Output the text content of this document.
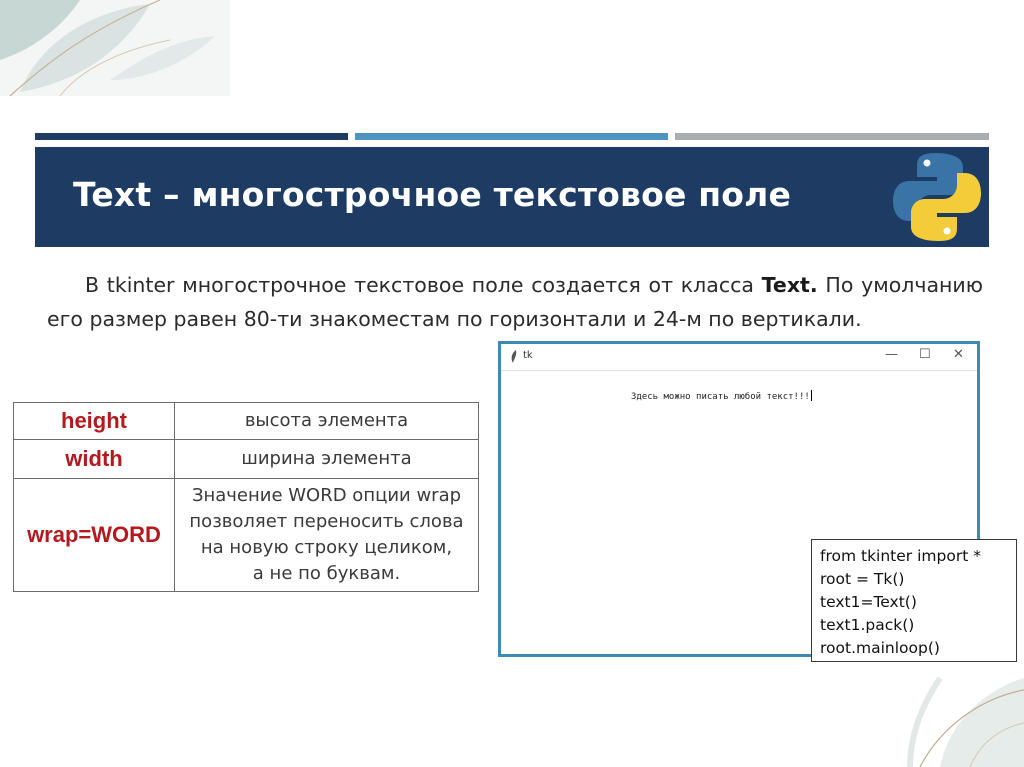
Text – многострочное текстовое поле
В tkinter многострочное текстовое поле создается от класса Text. По умолчанию его размер равен 80-ти знакоместам по горизонтали и 24-м по вертикали.
height	высота элемента
width	ширина элемента
wrap=WORD	Значение WORD опции wrap
позволяет переносить слова
на новую строку целиком,
а не по буквам.
tk	— ☐ ✕
Здесь можно писать любой текст!!!
from tkinter import *
root = Tk()
text1=Text()
text1.pack()
root.mainloop()
